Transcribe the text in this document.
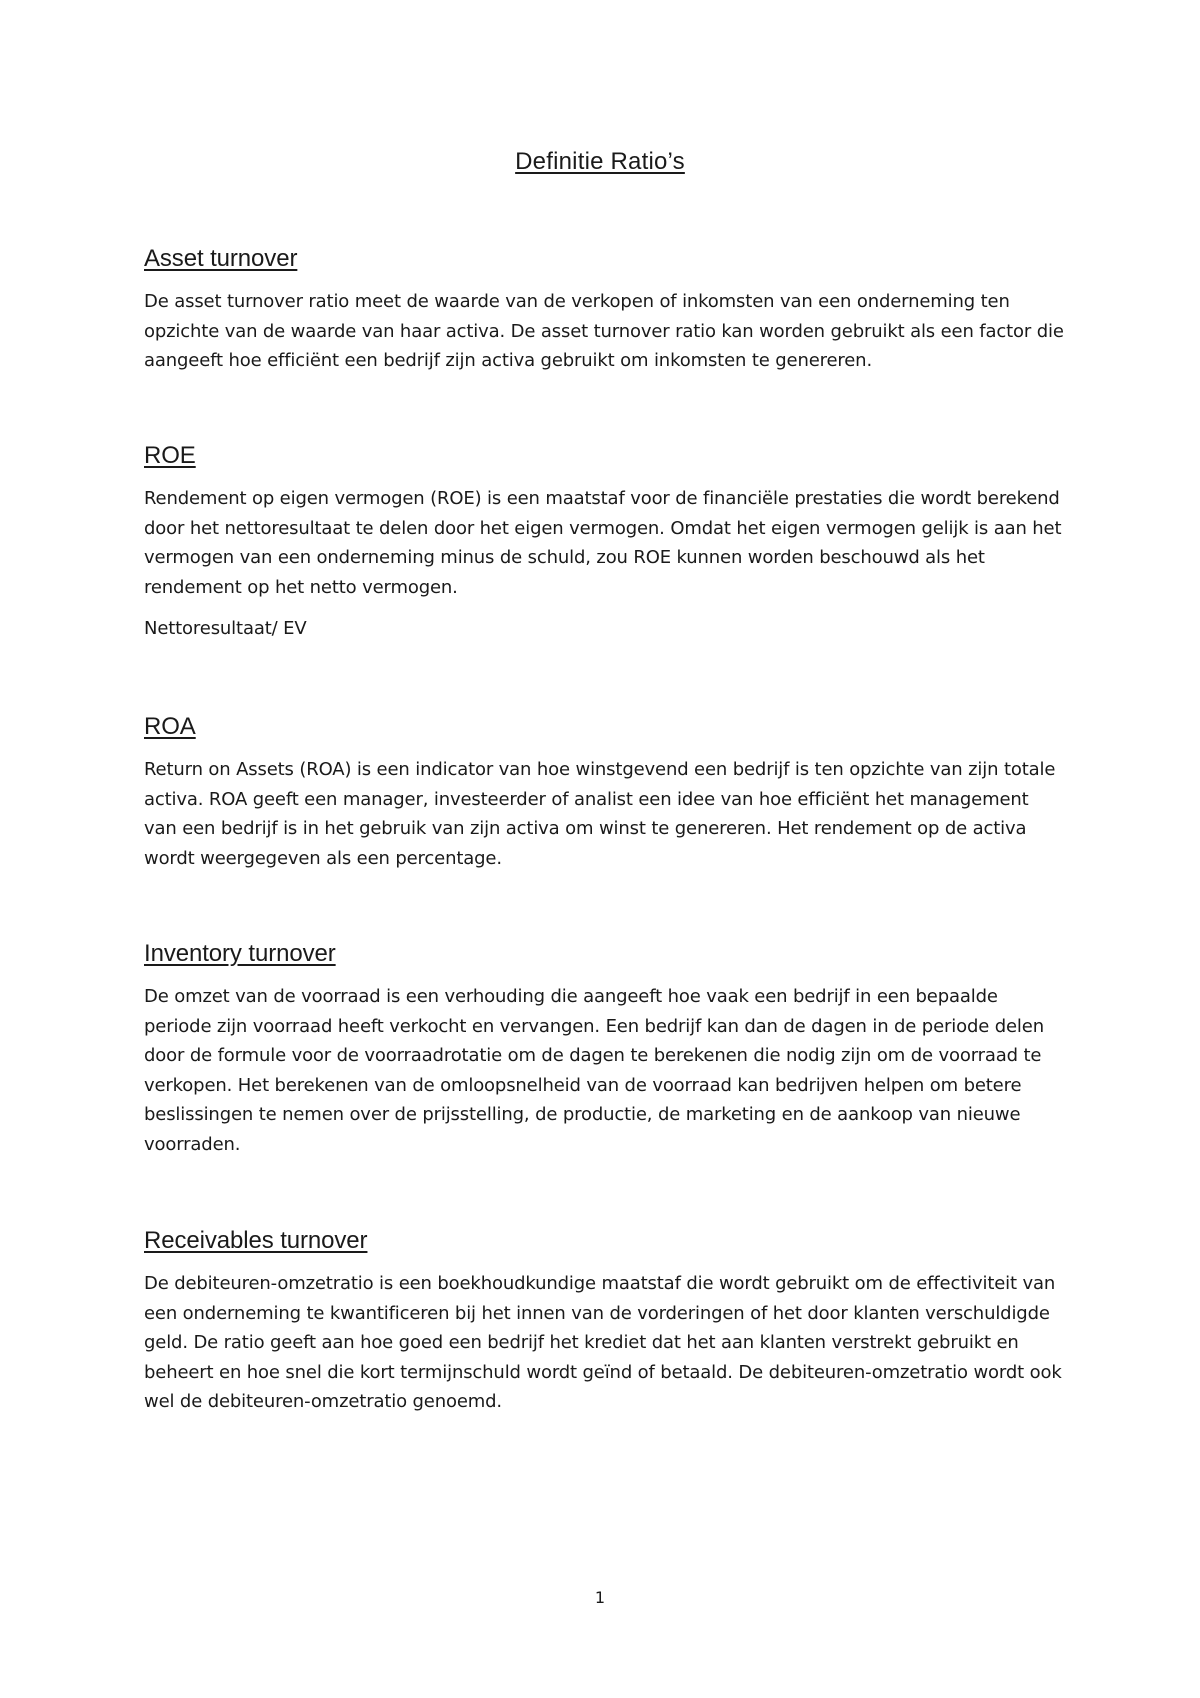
Definitie Ratio’s
Asset turnover

De asset turnover ratio meet de waarde van de verkopen of inkomsten van een onderneming ten opzichte van de waarde van haar activa. De asset turnover ratio kan worden gebruikt als een factor die aangeeft hoe efficiënt een bedrijf zijn activa gebruikt om inkomsten te genereren.

ROE

Rendement op eigen vermogen (ROE) is een maatstaf voor de financiële prestaties die wordt berekend door het nettoresultaat te delen door het eigen vermogen. Omdat het eigen vermogen gelijk is aan het vermogen van een onderneming minus de schuld, zou ROE kunnen worden beschouwd als het rendement op het netto vermogen.

Nettoresultaat/ EV

ROA

Return on Assets (ROA) is een indicator van hoe winstgevend een bedrijf is ten opzichte van zijn totale activa. ROA geeft een manager, investeerder of analist een idee van hoe efficiënt het management van een bedrijf is in het gebruik van zijn activa om winst te genereren. Het rendement op de activa wordt weergegeven als een percentage.

Inventory turnover

De omzet van de voorraad is een verhouding die aangeeft hoe vaak een bedrijf in een bepaalde periode zijn voorraad heeft verkocht en vervangen. Een bedrijf kan dan de dagen in de periode delen door de formule voor de voorraadrotatie om de dagen te berekenen die nodig zijn om de voorraad te verkopen. Het berekenen van de omloopsnelheid van de voorraad kan bedrijven helpen om betere beslissingen te nemen over de prijsstelling, de productie, de marketing en de aankoop van nieuwe voorraden.

Receivables turnover

De debiteuren-omzetratio is een boekhoudkundige maatstaf die wordt gebruikt om de effectiviteit van een onderneming te kwantificeren bij het innen van de vorderingen of het door klanten verschuldigde geld. De ratio geeft aan hoe goed een bedrijf het krediet dat het aan klanten verstrekt gebruikt en beheert en hoe snel die kort termijnschuld wordt geïnd of betaald. De debiteuren-omzetratio wordt ook wel de debiteuren-omzetratio genoemd.

1
